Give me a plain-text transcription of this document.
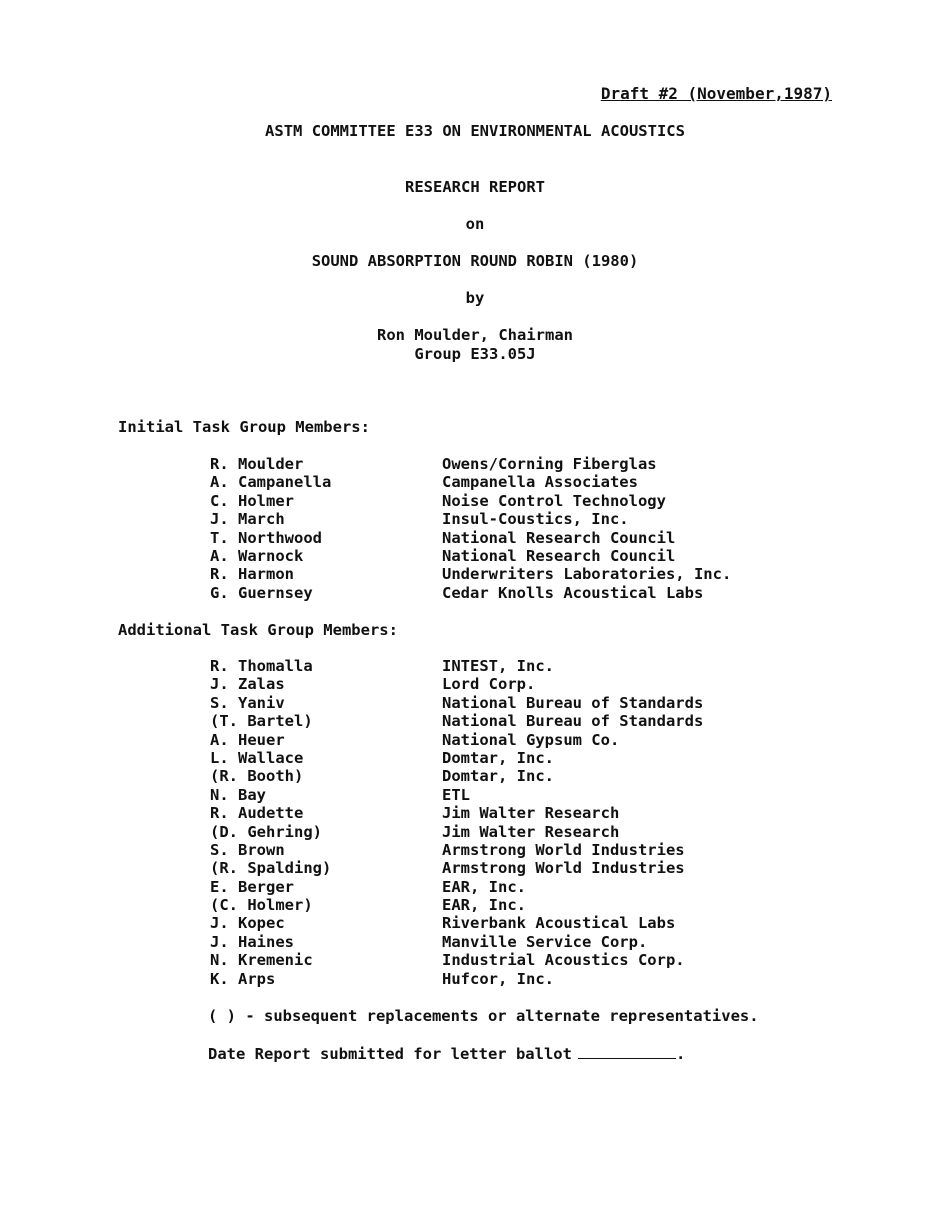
Draft #2 (November,1987)
ASTM COMMITTEE E33 ON ENVIRONMENTAL ACOUSTICS
RESEARCH REPORT
on
SOUND ABSORPTION ROUND ROBIN (1980)
by
Ron Moulder, Chairman
Group E33.05J
Initial Task Group Members:
R. Moulder	Owens/Corning Fiberglas
A. Campanella	Campanella Associates
C. Holmer	Noise Control Technology
J. March	Insul-Coustics, Inc.
T. Northwood	National Research Council
A. Warnock	National Research Council
R. Harmon	Underwriters Laboratories, Inc.
G. Guernsey	Cedar Knolls Acoustical Labs
Additional Task Group Members:
R. Thomalla	INTEST, Inc.
J. Zalas	Lord Corp.
S. Yaniv	National Bureau of Standards
(T. Bartel)	National Bureau of Standards
A. Heuer	National Gypsum Co.
L. Wallace	Domtar, Inc.
(R. Booth)	Domtar, Inc.
N. Bay	ETL
R. Audette	Jim Walter Research
(D. Gehring)	Jim Walter Research
S. Brown	Armstrong World Industries
(R. Spalding)	Armstrong World Industries
E. Berger	EAR, Inc.
(C. Holmer)	EAR, Inc.
J. Kopec	Riverbank Acoustical Labs
J. Haines	Manville Service Corp.
N. Kremenic	Industrial Acoustics Corp.
K. Arps	Hufcor, Inc.
( ) - subsequent replacements or alternate representatives.
Date Report submitted for letter ballot	.
